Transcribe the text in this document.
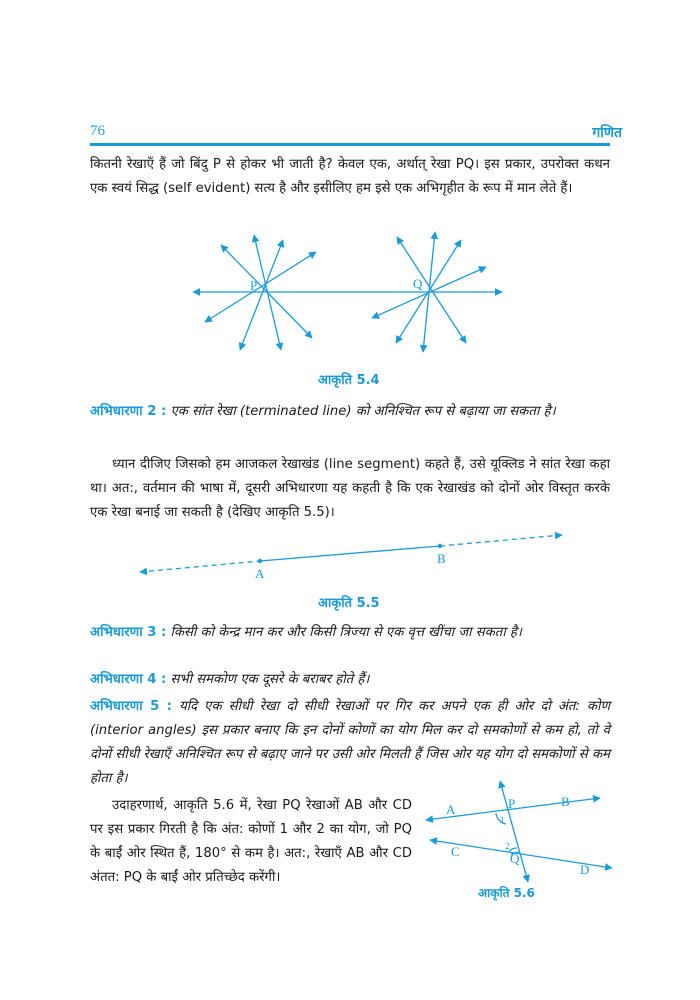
76	गणित
कितनी रेखाएँ हैं जो बिंदु P से होकर भी जाती है? केवल एक, अर्थात् रेखा PQ। इस प्रकार, उपरोक्त कथन एक स्वयं सिद्ध (self evident) सत्य है और इसीलिए हम इसे एक अभिगृहीत के रूप में मान लेते हैं।
P	Q
आकृति 5.4
अभिधारणा 2 : एक सांत रेखा (terminated line) को अनिश्चित रूप से बढ़ाया जा सकता है।
ध्यान दीजिए जिसको हम आजकल रेखाखंड (line segment) कहते हैं, उसे यूक्लिड ने सांत रेखा कहा था। अत:, वर्तमान की भाषा में, दूसरी अभिधारणा यह कहती है कि एक रेखाखंड को दोनों ओर विस्तृत करके एक रेखा बनाई जा सकती है (देखिए आकृति 5.5)।
A
B
आकृति 5.5
अभिधारणा 3 : किसी को केन्द्र मान कर और किसी त्रिज्या से एक वृत्त खींचा जा सकता है।
अभिधारणा 4 : सभी समकोण एक दूसरे के बराबर होते हैं।
अभिधारणा 5 : यदि एक सीधी रेखा दो सीधी रेखाओं पर गिर कर अपने एक ही ओर दो अंत: कोण (interior angles) इस प्रकार बनाए कि इन दोनों कोणों का योग मिल कर दो समकोणों से कम हो, तो वे दोनों सीधी रेखाएँ अनिश्चित रूप से बढ़ाए जाने पर उसी ओर मिलती हैं जिस ओर यह योग दो समकोणों से कम होता है।
उदाहरणार्थ, आकृति 5.6 में, रेखा PQ रेखाओं AB और CD पर इस प्रकार गिरती है कि अंत: कोणों 1 और 2 का योग, जो PQ के बाईं ओर स्थित हैं, 180° से कम है। अत:, रेखाएँ AB और CD अंतत: PQ के बाईं ओर प्रतिच्छेद करेंगी।
A	P	B
C	Q
D
1
2
आकृति 5.6
